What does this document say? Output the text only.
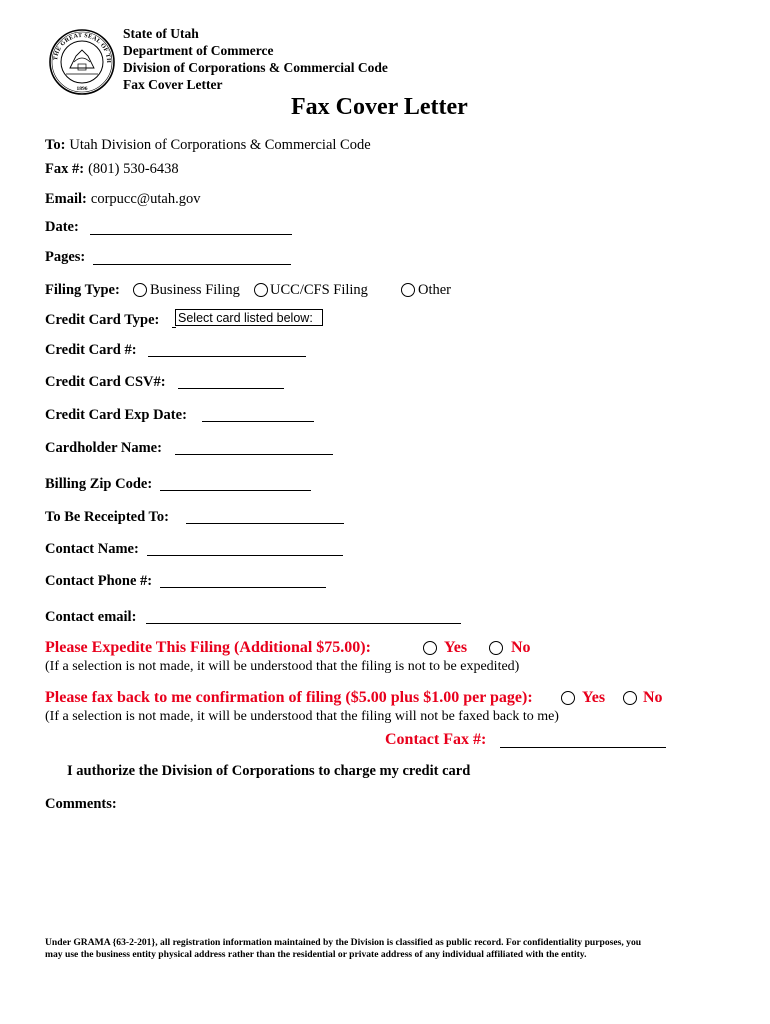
THE GREAT SEAL OF TH
1896
State of Utah
Department of Commerce
Division of Corporations & Commercial Code
Fax Cover Letter
Fax Cover Letter
To: Utah Division of Corporations & Commercial Code
Fax #: (801) 530-6438
Email: corpucc@utah.gov
Date:
Pages:
Filing Type: Business Filing UCC/CFS Filing	Other
Credit Card Type: Select card listed below:
Credit Card #:
Credit Card CSV#:
Credit Card Exp Date:
Cardholder Name:
Billing Zip Code:
To Be Receipted To:
Contact Name:
Contact Phone #:
Contact email:
Please Expedite This Filing (Additional $75.00):	Yes	No
(If a selection is not made, it will be understood that the filing is not to be expedited)
Please fax back to me confirmation of filing ($5.00 plus $1.00 per page):	Yes No
(If a selection is not made, it will be understood that the filing will not be faxed back to me)
Contact Fax #:
I authorize the Division of Corporations to charge my credit card
Comments:
Under GRAMA {63-2-201}, all registration information maintained by the Division is classified as public record. For confidentiality purposes, you
may use the business entity physical address rather than the residential or private address of any individual affiliated with the entity.
